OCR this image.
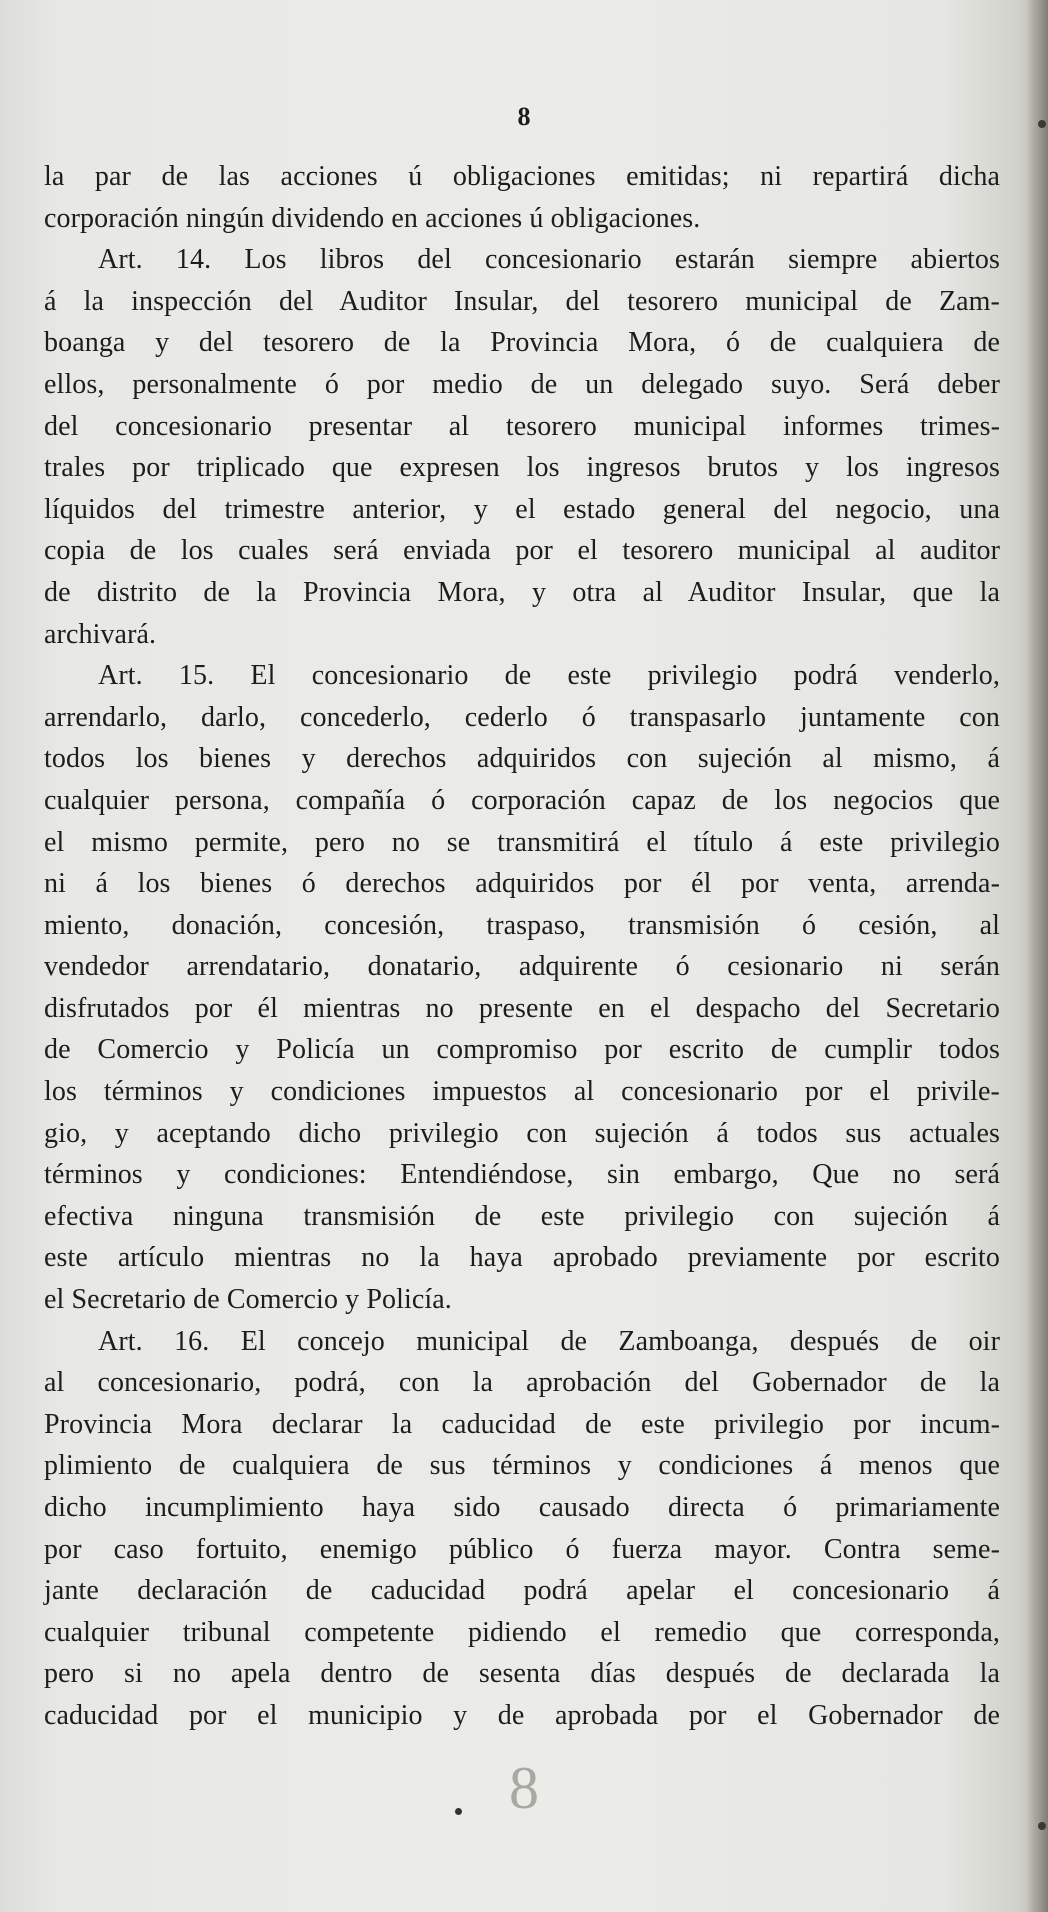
8
la par de las acciones ú obligaciones emitidas; ni repartirá dicha
corporación ningún dividendo en acciones ú obligaciones.
Art. 14. Los libros del concesionario estarán siempre abiertos
á la inspección del Auditor Insular, del tesorero municipal de Zam-
boanga y del tesorero de la Provincia Mora, ó de cualquiera de
ellos, personalmente ó por medio de un delegado suyo. Será deber
del concesionario presentar al tesorero municipal informes trimes-
trales por triplicado que expresen los ingresos brutos y los ingresos
líquidos del trimestre anterior, y el estado general del negocio, una
copia de los cuales será enviada por el tesorero municipal al auditor
de distrito de la Provincia Mora, y otra al Auditor Insular, que la
archivará.
Art. 15. El concesionario de este privilegio podrá venderlo,
arrendarlo, darlo, concederlo, cederlo ó transpasarlo juntamente con
todos los bienes y derechos adquiridos con sujeción al mismo, á
cualquier persona, compañía ó corporación capaz de los negocios que
el mismo permite, pero no se transmitirá el título á este privilegio
ni á los bienes ó derechos adquiridos por él por venta, arrenda-
miento, donación, concesión, traspaso, transmisión ó cesión, al
vendedor arrendatario, donatario, adquirente ó cesionario ni serán
disfrutados por él mientras no presente en el despacho del Secretario
de Comercio y Policía un compromiso por escrito de cumplir todos
los términos y condiciones impuestos al concesionario por el privile-
gio, y aceptando dicho privilegio con sujeción á todos sus actuales
términos y condiciones: Entendiéndose, sin embargo, Que no será
efectiva ninguna transmisión de este privilegio con sujeción á
este artículo mientras no la haya aprobado previamente por escrito
el Secretario de Comercio y Policía.
Art. 16. El concejo municipal de Zamboanga, después de oir
al concesionario, podrá, con la aprobación del Gobernador de la
Provincia Mora declarar la caducidad de este privilegio por incum-
plimiento de cualquiera de sus términos y condiciones á menos que
dicho incumplimiento haya sido causado directa ó primariamente
por caso fortuito, enemigo público ó fuerza mayor. Contra seme-
jante declaración de caducidad podrá apelar el concesionario á
cualquier tribunal competente pidiendo el remedio que corresponda,
pero si no apela dentro de sesenta días después de declarada la
caducidad por el municipio y de aprobada por el Gobernador de
8
